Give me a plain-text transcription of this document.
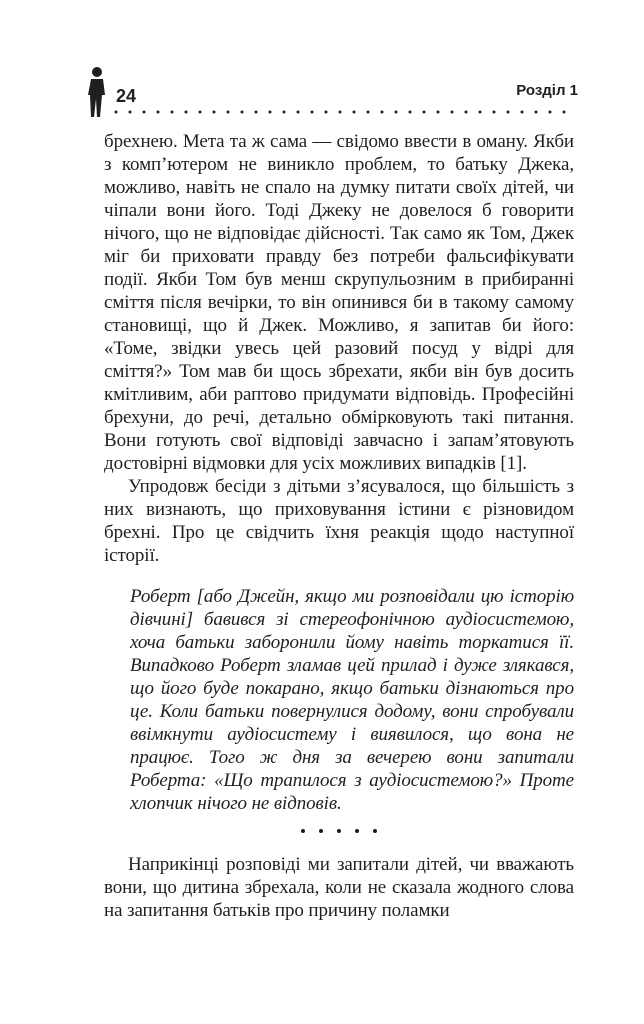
24	Розділ 1

брехнею. Мета та ж сама — свідомо ввести в оману. Якби з комп’ютером не виникло проблем, то батьку Джека, можливо, навіть не спало на думку питати своїх дітей, чи чіпали вони його. Тоді Джеку не довелося б говорити нічого, що не відповідає дійсності. Так само як Том, Джек міг би приховати правду без потреби фальсифікувати події. Якби Том був менш скрупульозним в прибиранні сміття після вечірки, то він опинився би в такому самому становищі, що й Джек. Можливо, я запитав би його: «Томе, звідки увесь цей разовий посуд у відрі для сміття?» Том мав би щось збрехати, якби він був досить кмітливим, аби раптово придумати відповідь. Професійні брехуни, до речі, детально обмірковують такі питання. Вони готують свої відповіді завчасно і запам’ятовують достовірні відмовки для усіх можливих випадків [1].

Упродовж бесіди з дітьми з’ясувалося, що більшість з них визнають, що приховування істини є різновидом брехні. Про це свідчить їхня реакція щодо наступної історії.

Роберт [або Джейн, якщо ми розповідали цю історію дівчині] бавився зі стереофонічною аудіосистемою, хоча батьки заборонили йому навіть торкатися її. Випадково Роберт зламав цей прилад і дуже злякався, що його буде покарано, якщо батьки дізнаються про це. Коли батьки повернулися додому, вони спробували ввімкнути аудіосистему і виявилося, що вона не працює. Того ж дня за вечерею вони запитали Роберта: «Що трапилося з аудіосистемою?» Проте хлопчик нічого не відповів.

Наприкінці розповіді ми запитали дітей, чи вважають вони, що дитина збрехала, коли не сказала жодного слова на запитання батьків про причину поламки
